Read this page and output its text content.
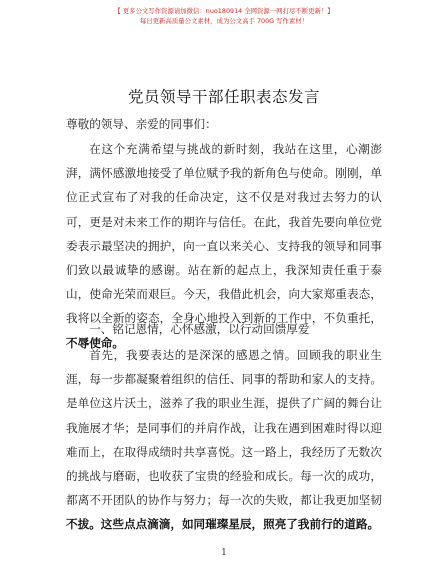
【 更多公文写作资源请加微信：nuo180914 全网资源一网打尽不断更新！】
每日更新高质量公文素材，成为公文高手 700G 写作素材！
党员领导干部任职表态发言
尊敬的领导、亲爱的同事们：
在这个充满希望与挑战的新时刻，我站在这里，心潮澎湃，满怀感激地接受了单位赋予我的新角色与使命。刚刚，单位正式宣布了对我的任命决定，这不仅是对我过去努力的认可，更是对未来工作的期许与信任。在此，我首先要向单位党委表示最坚决的拥护，向一直以来关心、支持我的领导和同事们致以最诚挚的感谢。站在新的起点上，我深知责任重于泰山，使命光荣而艰巨。今天，我借此机会，向大家郑重表态，我将以全新的姿态，全身心地投入到新的工作中，不负重托，不辱使命。
一、铭记恩情，心怀感激，以行动回馈厚爱
首先，我要表达的是深深的感恩之情。回顾我的职业生涯，每一步都凝聚着组织的信任、同事的帮助和家人的支持。是单位这片沃土，滋养了我的职业生涯，提供了广阔的舞台让我施展才华；是同事们的并肩作战，让我在遇到困难时得以迎难而上，在取得成绩时共享喜悦。这一路上，我经历了无数次的挑战与磨砺，也收获了宝贵的经验和成长。每一次的成功，都离不开团队的协作与努力；每一次的失败，都让我更加坚韧不拔。这些点点滴滴，如同璀璨星辰，照亮了我前行的道路。
1
